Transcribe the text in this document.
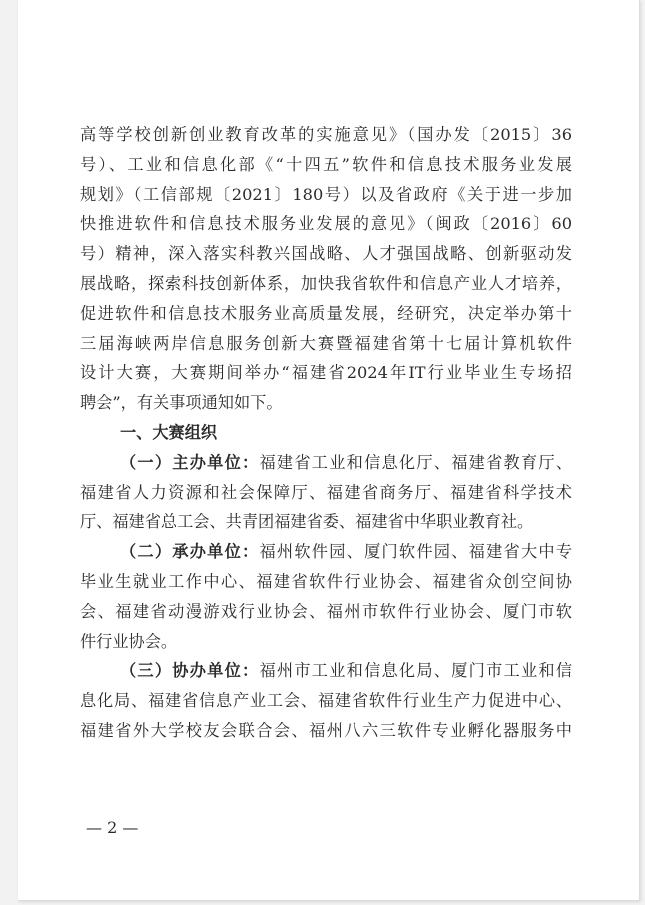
高等学校创新创业教育改革的实施意见》（国办发〔2015〕36
号）、工业和信息化部《“十四五”软件和信息技术服务业发展
规划》（工信部规〔2021〕180号）以及省政府《关于进一步加
快推进软件和信息技术服务业发展的意见》（闽政〔2016〕60
号）精神，深入落实科教兴国战略、人才强国战略、创新驱动发
展战略，探索科技创新体系，加快我省软件和信息产业人才培养，
促进软件和信息技术服务业高质量发展，经研究，决定举办第十
三届海峡两岸信息服务创新大赛暨福建省第十七届计算机软件
设计大赛，大赛期间举办“福建省2024年IT行业毕业生专场招
聘会”，有关事项通知如下。
一、大赛组织
（一）主办单位：福建省工业和信息化厅、福建省教育厅、
福建省人力资源和社会保障厅、福建省商务厅、福建省科学技术
厅、福建省总工会、共青团福建省委、福建省中华职业教育社。
（二）承办单位：福州软件园、厦门软件园、福建省大中专
毕业生就业工作中心、福建省软件行业协会、福建省众创空间协
会、福建省动漫游戏行业协会、福州市软件行业协会、厦门市软
件行业协会。
（三）协办单位：福州市工业和信息化局、厦门市工业和信
息化局、福建省信息产业工会、福建省软件行业生产力促进中心、
福建省外大学校友会联合会、福州八六三软件专业孵化器服务中
— 2 —
